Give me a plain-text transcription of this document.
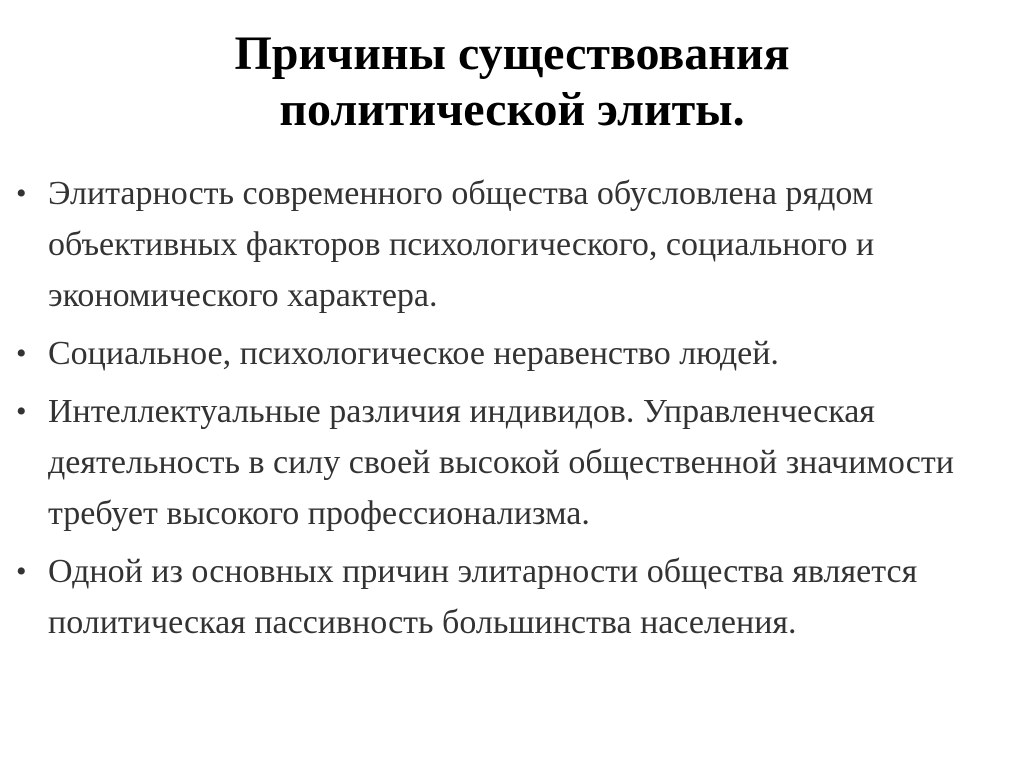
Причины существования
политической элиты.
• Элитарность современного общества обусловлена рядом объективных факторов психологического, социального и экономического характера.
• Социальное, психологическое неравенство людей.
• Интеллектуальные различия индивидов. Управленческая деятельность в силу своей высокой общественной значимости требует высокого профессионализма.
• Одной из основных причин элитарности общества является политическая пассивность большинства населения.
